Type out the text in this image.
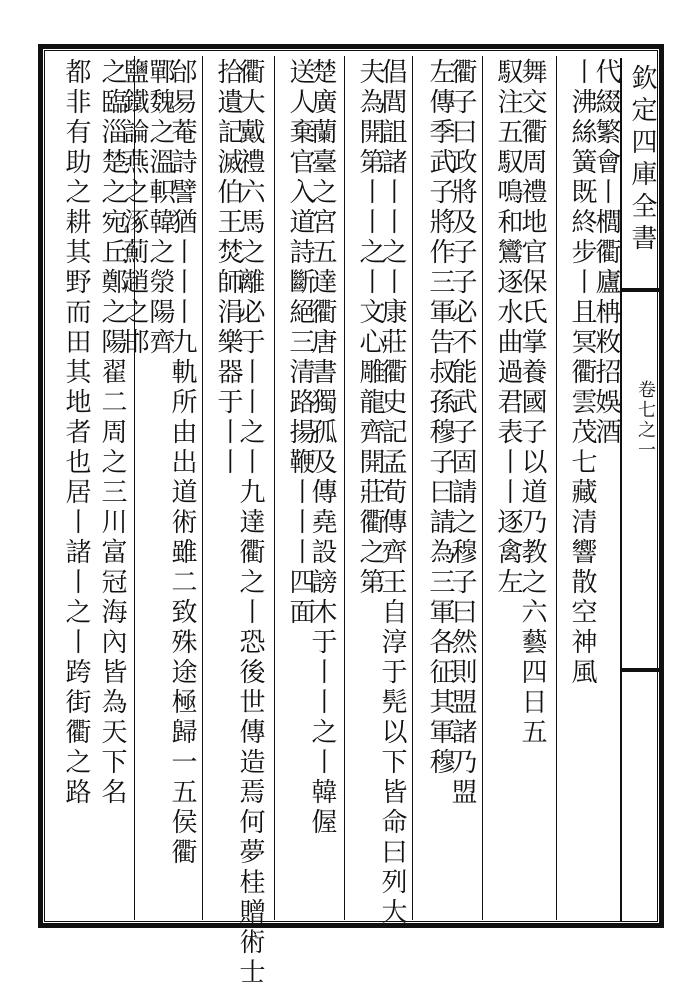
欽定四庫全書
卷七之一
代綴繁會丨櫚衢廬柟敉招娛酒
丨沸絲簧既終步丨且冥衢雲茂七藏清響散空神風
舞交衢周禮地官保氏掌養國子以道乃教之六藝四日五
馭注五馭鳴和鸞逐水曲過君表丨丨逐禽左
衢子曰政將及子子必不能武子固請之穆子曰然則盟諸乃盟
左傳季武子將作三軍告叔孫穆子曰請為三軍各征其軍穆
倡閭詛諸丨丨之丨康莊衢史記孟荀傳齊王自淳于髡以下皆命曰列大
夫為開第丨丨之丨文心雕龍齊開莊衢之第
楚廣蘭臺之宮五達衢唐書獨孤及傳堯設謗木于丨丨之丨韓偓
送人棄官入道詩斷絕三清路揚鞭丨丨丨四面
衢大戴禮六馬之離必于丨丨之丨九達衢之丨恐後世傳造焉何夢桂贈術士
拾遺記滅伯王焚師涓樂器于丨丨
邰易菴詩譬猶丨丨丨九軌所由出道術雖二致殊途極歸一五侯衢
鄲魏之溫軹韓之滎陽齊
之臨淄楚之宛丘鄭之陽翟二周之三川富冠海內皆為天下名
鹽鐵論燕之涿薊趙之邯
都非有助之耕其野而田其地者也居丨諸丨之丨跨街衢之路
